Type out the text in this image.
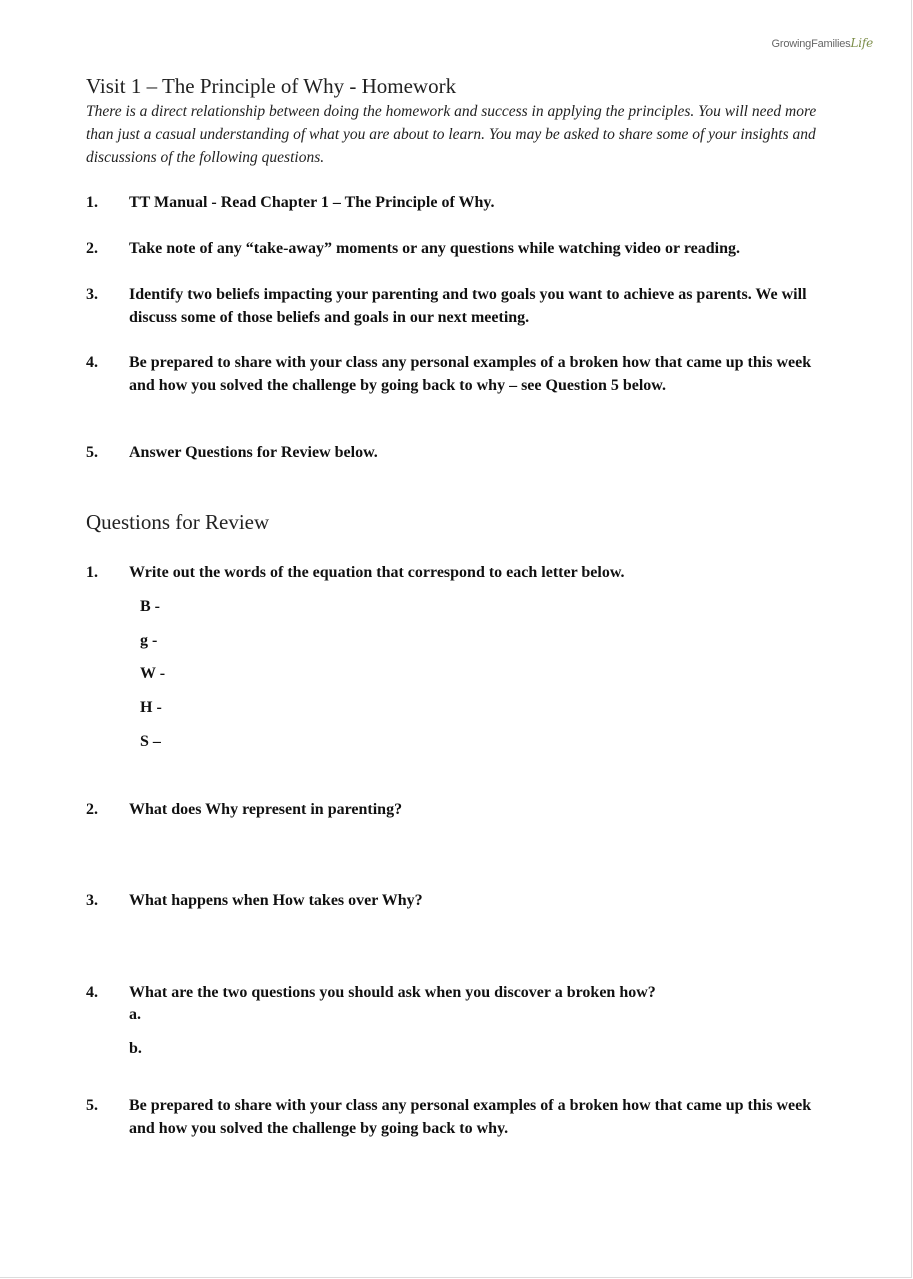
GrowingFamiliesLife
Visit 1 – The Principle of Why - Homework

There is a direct relationship between doing the homework and success in applying the principles. You will need more than just a casual understanding of what you are about to learn. You may be asked to share some of your insights and discussions of the following questions.

1. TT Manual - Read Chapter 1 – The Principle of Why.
2. Take note of any “take-away” moments or any questions while watching video or reading.
3. Identify two beliefs impacting your parenting and two goals you want to achieve as parents. We will discuss some of those beliefs and goals in our next meeting.
4. Be prepared to share with your class any personal examples of a broken how that came up this week and how you solved the challenge by going back to why – see Question 5 below.
5. Answer Questions for Review below.
Questions for Review
1. Write out the words of the equation that correspond to each letter below.
B -
g -
W -
H -
S –
2. What does Why represent in parenting?
3. What happens when How takes over Why?
4. What are the two questions you should ask when you discover a broken how?
a.
b.
5. Be prepared to share with your class any personal examples of a broken how that came up this week and how you solved the challenge by going back to why.
